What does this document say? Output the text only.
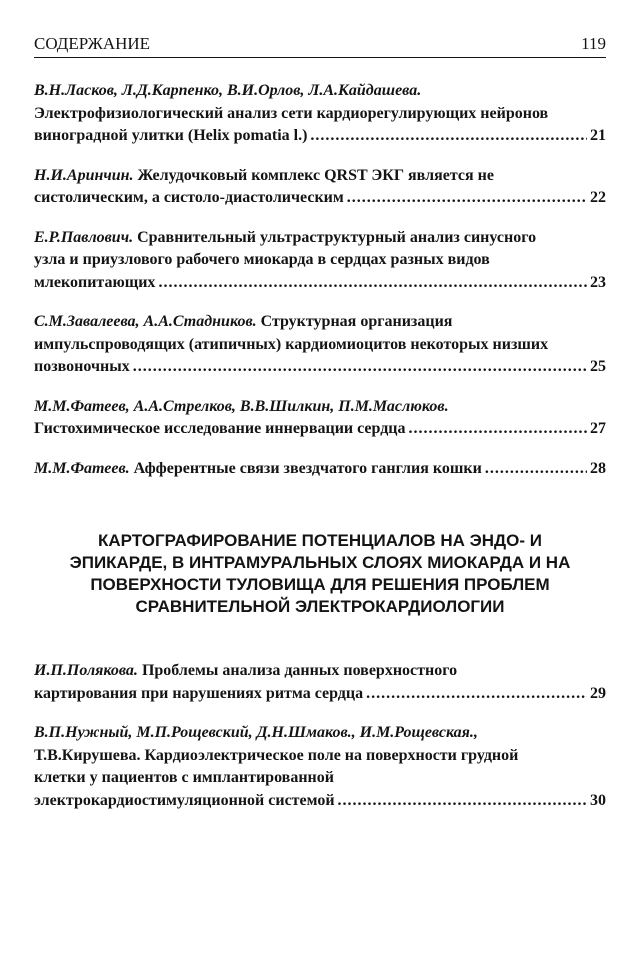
СОДЕРЖАНИЕ	119
В.Н.Ласков, Л.Д.Карпенко, В.И.Орлов, Л.А.Кайдашева.
Электрофизиологический анализ сети кардиорегулирующих нейронов
виноградной улитки (Helix pomatia l.) .....	21
Н.И.Аринчин. Желудочковый комплекс QRST ЭКГ является не
систолическим, а систоло-диастолическим .....	22
Е.Р.Павлович. Сравнительный ультраструктурный анализ синусного
узла и приузлового рабочего миокарда в сердцах разных видов
млекопитающих .....	23
С.М.Завалеева, А.А.Стадников. Структурная организация
импульспроводящих (атипичных) кардиомиоцитов некоторых низших
позвоночных .....	25
М.М.Фатеев, А.А.Стрелков, В.В.Шилкин, П.М.Маслюков.
Гистохимическое исследование иннервации сердца .....	27
М.М.Фатеев. Афферентные связи звездчатого ганглия кошки .....	28
КАРТОГРАФИРОВАНИЕ ПОТЕНЦИАЛОВ НА ЭНДО- И
ЭПИКАРДЕ, В ИНТРАМУРАЛЬНЫХ СЛОЯХ МИОКАРДА И НА
ПОВЕРХНОСТИ ТУЛОВИЩА ДЛЯ РЕШЕНИЯ ПРОБЛЕМ
СРАВНИТЕЛЬНОЙ ЭЛЕКТРОКАРДИОЛОГИИ
И.П.Полякова. Проблемы анализа данных поверхностного
картирования при нарушениях ритма сердца .....	29
В.П.Нужный, М.П.Рощевский, Д.Н.Шмаков., И.М.Рощевская.,
Т.В.Кирушева. Кардиоэлектрическое поле на поверхности грудной
клетки у пациентов с имплантированной
электрокардиостимуляционной системой .....	30
